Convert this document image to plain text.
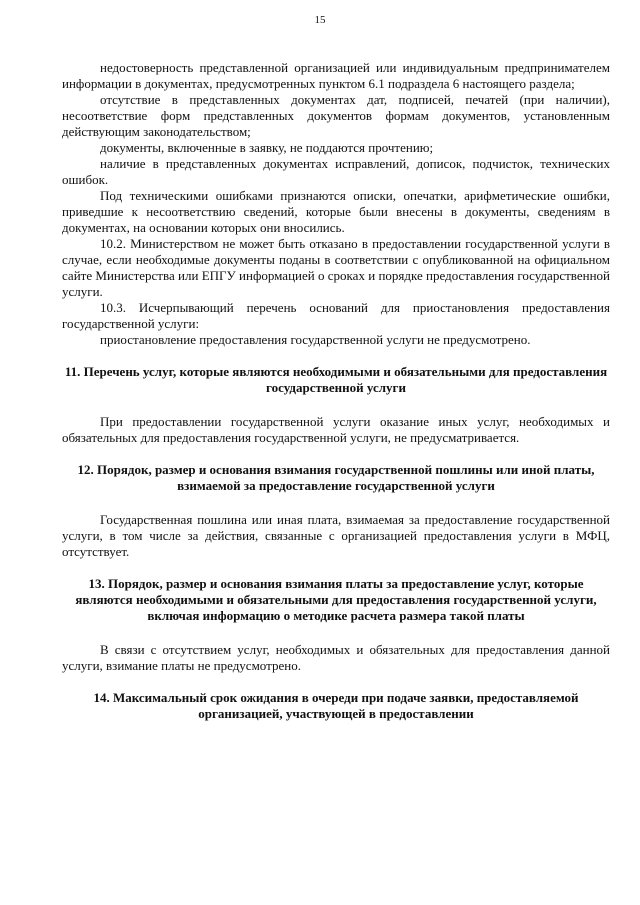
15

недостоверность представленной организацией или индивидуальным предпринимателем информации в документах, предусмотренных пунктом 6.1 подраздела 6 настоящего раздела;

отсутствие в представленных документах дат, подписей, печатей (при наличии), несоответствие форм представленных документов формам документов, установленным действующим законодательством;

документы, включенные в заявку, не поддаются прочтению;

наличие в представленных документах исправлений, дописок, подчисток, технических ошибок.

Под техническими ошибками признаются описки, опечатки, арифметические ошибки, приведшие к несоответствию сведений, которые были внесены в документы, сведениям в документах, на основании которых они вносились.

10.2. Министерством не может быть отказано в предоставлении государственной услуги в случае, если необходимые документы поданы в соответствии с опубликованной на официальном сайте Министерства или ЕПГУ информацией о сроках и порядке предоставления государственной услуги.

10.3. Исчерпывающий перечень оснований для приостановления предоставления государственной услуги:

приостановление предоставления государственной услуги не предусмотрено.

11. Перечень услуг, которые являются необходимыми и обязательными для предоставления государственной услуги

При предоставлении государственной услуги оказание иных услуг, необходимых и обязательных для предоставления государственной услуги, не предусматривается.

12. Порядок, размер и основания взимания государственной пошлины или иной платы, взимаемой за предоставление государственной услуги

Государственная пошлина или иная плата, взимаемая за предоставление государственной услуги, в том числе за действия, связанные с организацией предоставления услуги в МФЦ, отсутствует.

13. Порядок, размер и основания взимания платы за предоставление услуг, которые являются необходимыми и обязательными для предоставления государственной услуги, включая информацию о методике расчета размера такой платы

В связи с отсутствием услуг, необходимых и обязательных для предоставления данной услуги, взимание платы не предусмотрено.

14. Максимальный срок ожидания в очереди при подаче заявки, предоставляемой организацией, участвующей в предоставлении
